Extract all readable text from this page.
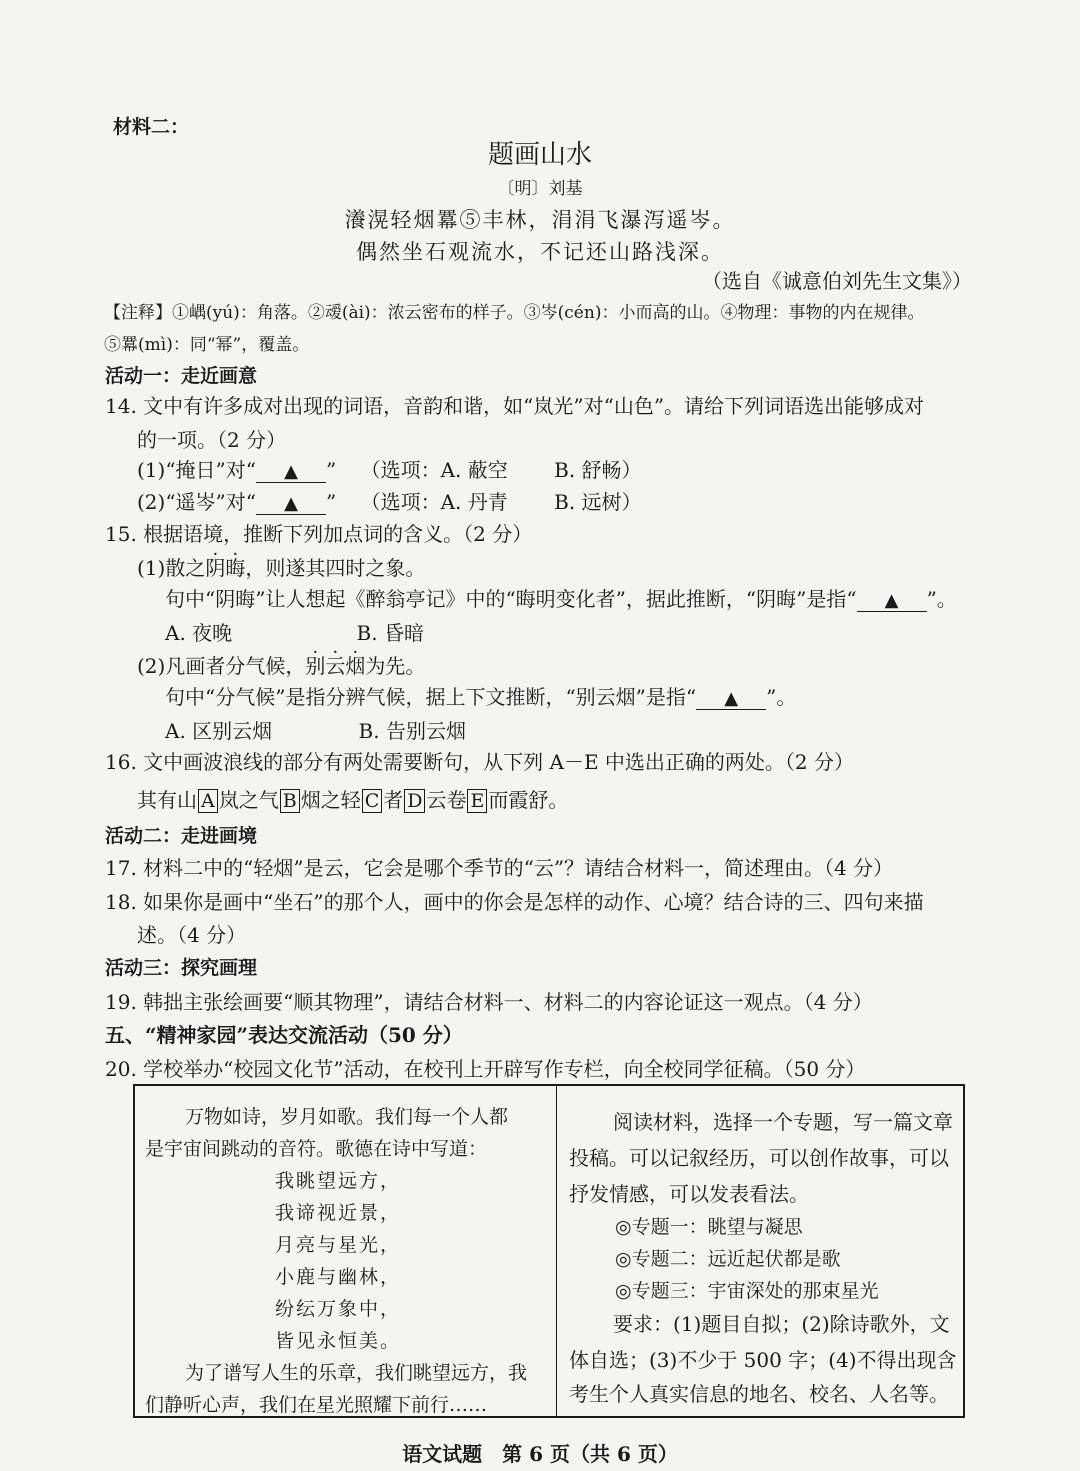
材料二：
题画山水
〔明〕刘基
瀁滉轻烟羃⑤丰林，涓涓飞瀑泻遥岑。
偶然坐石观流水，不记还山路浅深。
（选自《诚意伯刘先生文集》）
【注释】①嵎(yú)：角落。②叆(ài)：浓云密布的样子。③岑(cén)：小而高的山。④物理：事物的内在规律。
⑤羃(mì)：同“幂”，覆盖。
活动一：走近画意
14. 文中有许多成对出现的词语，音韵和谐，如“岚光”对“山色”。请给下列词语选出能够成对
的一项。（2 分）
(1)“掩日”对“ ▲ ” （选项：A. 蔽空 B. 舒畅）
(2)“遥岑”对“ ▲ ” （选项：A. 丹青 B. 远树）
15. 根据语境，推断下列加点词的含义。（2 分）
(1)散之阴晦，则遂其四时之象。
句中“阴晦”让人想起《醉翁亭记》中的“晦明变化者”，据此推断，“阴晦”是指“ ▲ ”。
A. 夜晚	B. 昏暗
(2)凡画者分气候，别云烟为先。
句中“分气候”是指分辨气候，据上下文推断，“别云烟”是指“ ▲ ”。
A. 区别云烟	B. 告别云烟
16. 文中画波浪线的部分有两处需要断句，从下列 A－E 中选出正确的两处。（2 分）
其有山 A 岚之气 B 烟之轻 C 者 D 云卷 E 而霞舒。
活动二：走进画境
17. 材料二中的“轻烟”是云，它会是哪个季节的“云”？请结合材料一，简述理由。（4 分）
18. 如果你是画中“坐石”的那个人，画中的你会是怎样的动作、心境？结合诗的三、四句来描
述。（4 分）
活动三：探究画理
19. 韩拙主张绘画要“顺其物理”，请结合材料一、材料二的内容论证这一观点。（4 分）
五、“精神家园”表达交流活动（50 分）
20. 学校举办“校园文化节”活动，在校刊上开辟写作专栏，向全校同学征稿。（50 分）
万物如诗，岁月如歌。我们每一个人都
是宇宙间跳动的音符。歌德在诗中写道：
我眺望远方，
我谛视近景，
月亮与星光，
小鹿与幽林，
纷纭万象中，
皆见永恒美。
为了谱写人生的乐章，我们眺望远方，我
们静听心声，我们在星光照耀下前行……
阅读材料，选择一个专题，写一篇文章
投稿。可以记叙经历，可以创作故事，可以
抒发情感，可以发表看法。
◎专题一：眺望与凝思
◎专题二：远近起伏都是歌
◎专题三：宇宙深处的那束星光
要求：(1)题目自拟；(2)除诗歌外，文
体自选；(3)不少于 500 字；(4)不得出现含
考生个人真实信息的地名、校名、人名等。
语文试题　第 6 页（共 6 页）
